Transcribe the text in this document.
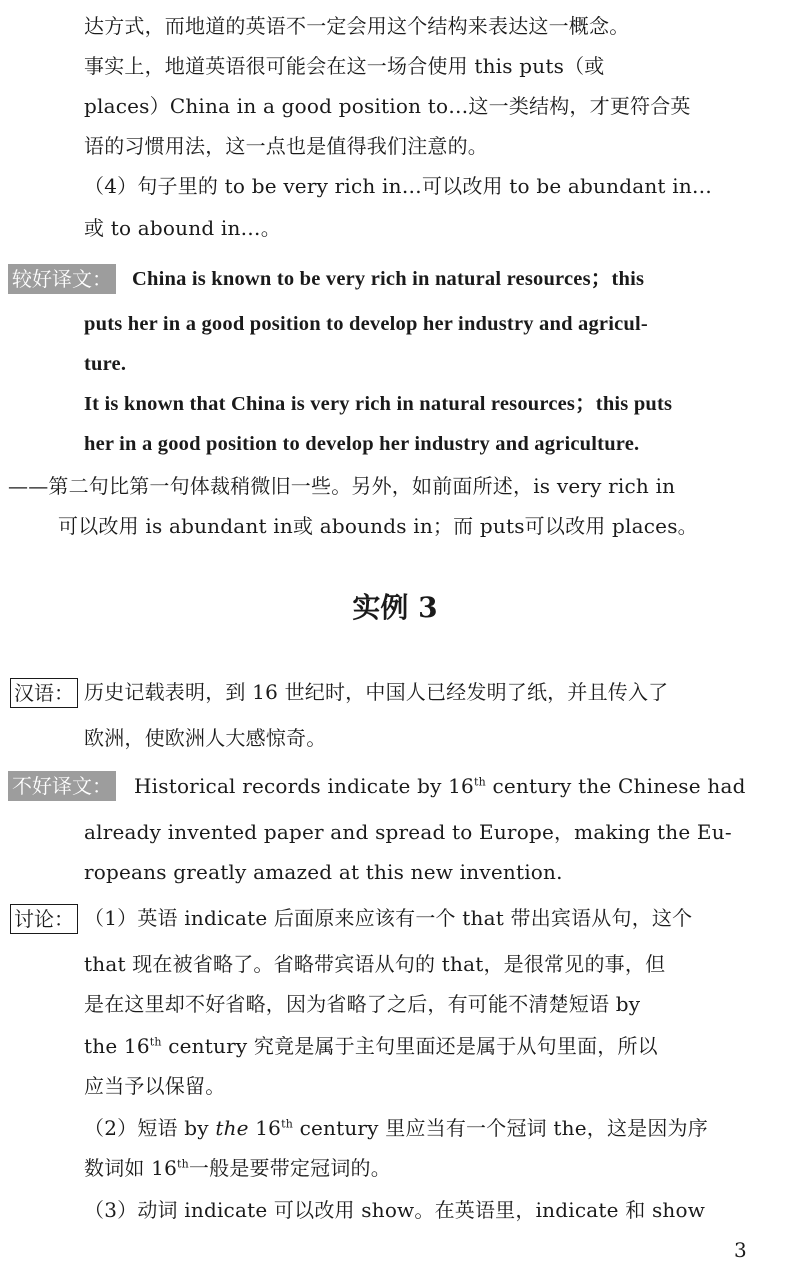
达方式，而地道的英语不一定会用这个结构来表达这一概念。
事实上，地道英语很可能会在这一场合使用 this puts（或
places）China in a good position to…这一类结构，才更符合英
语的习惯用法，这一点也是值得我们注意的。
（4）句子里的 to be very rich in…可以改用 to be abundant in…
或 to abound in…。
较好译文： China is known to be very rich in natural resources；this
puts her in a good position to develop her industry and agricul-
ture.
It is known that China is very rich in natural resources；this puts
her in a good position to develop her industry and agriculture.
——第二句比第一句体裁稍微旧一些。另外，如前面所述，is very rich in
可以改用 is abundant in或 abounds in；而 puts可以改用 places。
实例 3
汉语： 历史记载表明，到 16 世纪时，中国人已经发明了纸，并且传入了
欧洲，使欧洲人大感惊奇。
不好译文： Historical records indicate by 16th century the Chinese had
already invented paper and spread to Europe，making the Eu-
ropeans greatly amazed at this new invention.
讨论： （1）英语 indicate 后面原来应该有一个 that 带出宾语从句，这个
that 现在被省略了。省略带宾语从句的 that，是很常见的事，但
是在这里却不好省略，因为省略了之后，有可能不清楚短语 by
the 16th century 究竟是属于主句里面还是属于从句里面，所以
应当予以保留。
（2）短语 by the 16th century 里应当有一个冠词 the，这是因为序
数词如 16th一般是要带定冠词的。
（3）动词 indicate 可以改用 show。在英语里，indicate 和 show
3
